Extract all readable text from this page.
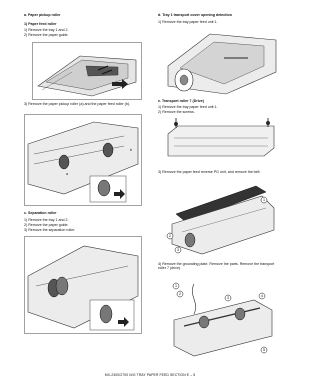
a. Paper pickup roller
1) Paper feed roller
1) Remove the tray 1 and 2.
2) Remove the paper guide.
3) Remove the paper pickup roller (a) and the paper feed roller (b).
b
a
c. Separation roller
1) Remove the tray 1 and 2.
2) Remove the paper guide.
3) Remove the separation roller.
d. Tray 1 transport cover opening detection
1) Remove the tray paper feed unit 1.
e. Transport roller 7 (Drive)
1) Remove the tray paper feed unit 1.
2) Remove the screws.
3) Remove the paper feed reverse PG unit, and remove the belt.
1
2
3
4) Remove the grounding plate. Remove the parts. Remove the transport roller 7 (drive).
1
2
3	4
5
MX-2300/2700 N/G TRAY PAPER FEED SECTION E – 5
